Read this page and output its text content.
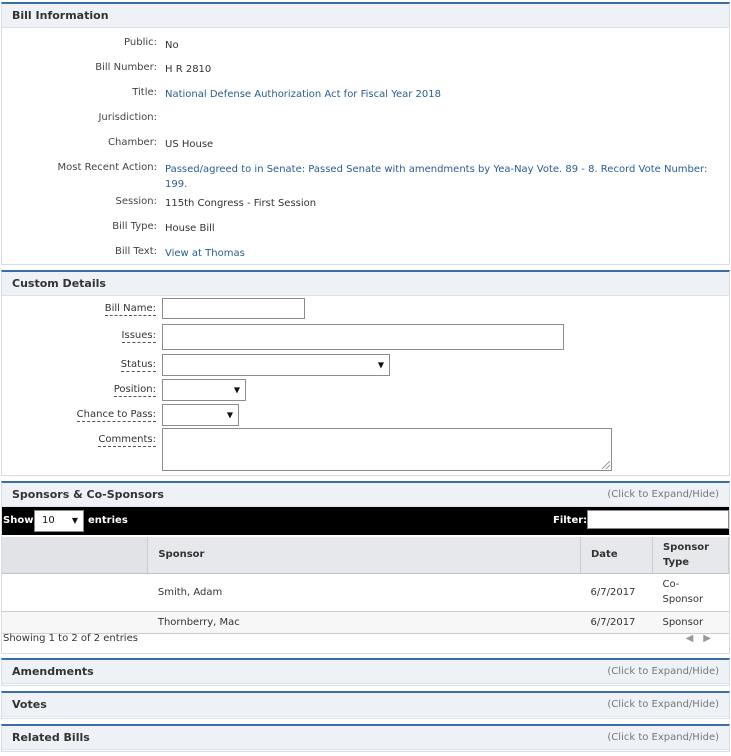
Bill Information
Public: No
Bill Number: H R 2810
Title: National Defense Authorization Act for Fiscal Year 2018
Jurisdiction:
Chamber: US House
Most Recent Action: Passed/agreed to in Senate: Passed Senate with amendments by Yea-Nay Vote. 89 - 8. Record Vote Number: 199.
Session: 115th Congress - First Session
Bill Type: House Bill
Bill Text: View at Thomas
Custom Details
Bill Name:
Issues:
Status:	▼
Position:	▼
Chance to Pass:	▼
Comments:
Sponsors & Co-Sponsors	(Click to Expand/Hide)
Show 10 ▼ entries	Filter:
	Sponsor	Date	Sponsor Type
	Smith, Adam	6/7/2017	Co-Sponsor
	Thornberry, Mac	6/7/2017	Sponsor
Showing 1 to 2 of 2 entries	◀▶
Amendments	(Click to Expand/Hide)
Votes	(Click to Expand/Hide)
Related Bills	(Click to Expand/Hide)
